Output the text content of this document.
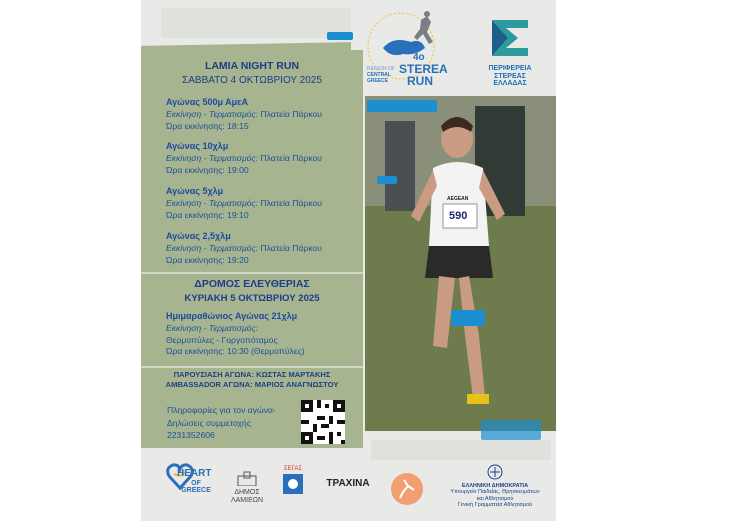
4ο
STEREA
RUN
REGION OF
CENTRAL
GREECE
ΠΕΡΙΦΕΡΕΙΑ
ΣΤΕΡΕΑΣ
ΕΛΛΑΔΑΣ
LAMIA NIGHT RUN
ΣΑΒΒΑΤΟ 4 ΟΚΤΩΒΡΙΟΥ 2025
Αγώνας 500μ ΑμεΑ
Εκκίνηση - Τερματισμός: Πλατεία Πάρκου
Ώρα εκκίνησης: 18:15
Αγώνας 10χλμ
Εκκίνηση - Τερματισμός: Πλατεία Πάρκου
Ώρα εκκίνησης: 19:00
Αγώνας 5χλμ
Εκκίνηση - Τερματισμός: Πλατεία Πάρκου
Ώρα εκκίνησης: 19:10
Αγώνας 2,5χλμ
Εκκίνηση - Τερματισμός: Πλατεία Πάρκου
Ώρα εκκίνησης: 19:20
ΔΡΟΜΟΣ ΕΛΕΥΘΕΡΙΑΣ
ΚΥΡΙΑΚΗ 5 ΟΚΤΩΒΡΙΟΥ 2025
Ημιμαραθώνιος Αγώνας 21χλμ
Εκκίνηση - Τερματισμός:
Θερμοπύλες - Γοργοπόταμος
Ώρα εκκίνησης: 10:30 (Θερμοπύλες)
ΠΑΡΟΥΣΙΑΣΗ ΑΓΩΝΑ: ΚΩΣΤΑΣ ΜΑΡΤΑΚΗΣ
AMBASSADOR ΑΓΩΝΑ: ΜΑΡΙΟΣ ΑΝΑΓΝΩΣΤΟΥ
Πληροφορίες για τον αγώνα-
Δηλώσεις συμμετοχής
2231352606
AEGEAN
590
HEART
OF GREECE	ΔΗΜΟΣ
ΛΑΜΙΕΩΝ
ΣΕΓΑΣ
ΤΡΑΧΙΝΑ	ΕΛΛΗΝΙΚΗ ΔΗΜΟΚΡΑΤΙΑ
Υπουργείο Παιδείας, Θρησκευμάτων
και Αθλητισμού
Γενική Γραμματεία Αθλητισμού
